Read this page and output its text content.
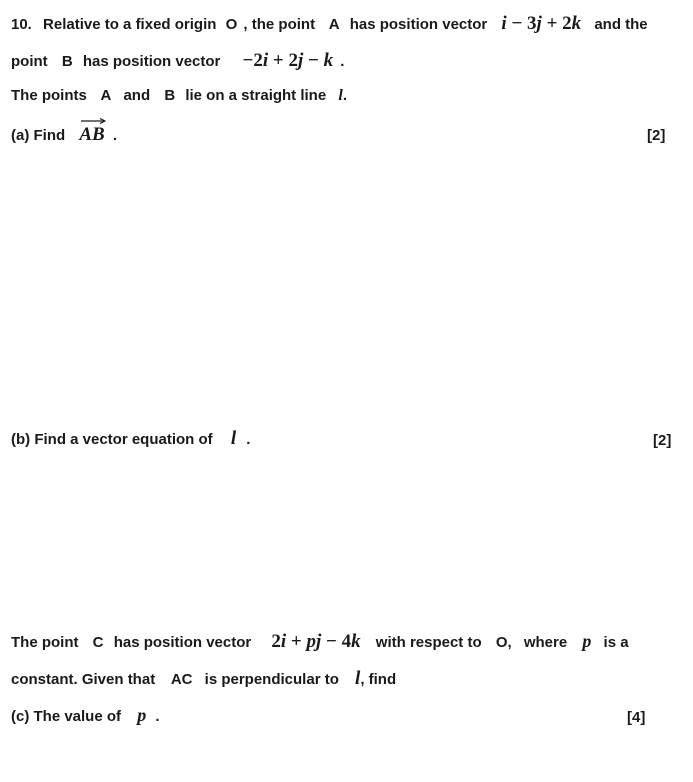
10. Relative to a fixed origin O , the point A has position vector i − 3j + 2k and the
point B has position vector −2i + 2j − k .
The points A and B lie on a straight line l.
(a) Find AB .	[2]
(b) Find a vector equation of l .	[2]
The point C has position vector 2i + pj − 4k with respect to O, where p is a
constant. Given that AC is perpendicular to l, find
(c) The value of p .	[4]
